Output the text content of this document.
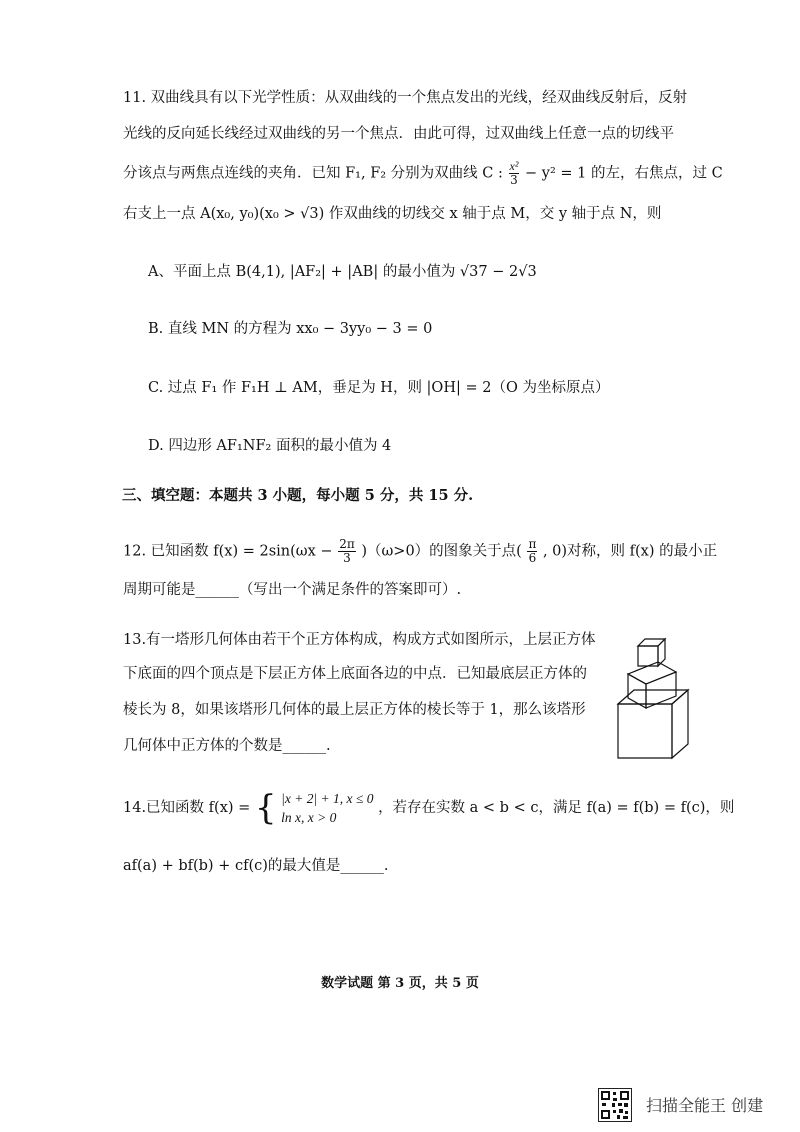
11. 双曲线具有以下光学性质：从双曲线的一个焦点发出的光线，经双曲线反射后，反射
光线的反向延长线经过双曲线的另一个焦点．由此可得，过双曲线上任意一点的切线平
分该点与两焦点连线的夹角．已知 F₁, F₂ 分别为双曲线 C : $\frac{\text{x²}}{3} - y^2 = 1$ 的左，右焦点，过 C
右支上一点 A(x₀, y₀)(x₀ > √3) 作双曲线的切线交 x 轴于点 M，交 y 轴于点 N，则
A、平面上点 B(4,1), |AF₂| + |AB| 的最小值为 √37 − 2√3
B. 直线 MN 的方程为 xx₀ − 3yy₀ − 3 = 0
C. 过点 F₁ 作 F₁H ⊥ AM，垂足为 H，则 |OH| = 2（O 为坐标原点）
D. 四边形 AF₁NF₂ 面积的最小值为 4
三、填空题：本题共 3 小题，每小题 5 分，共 15 分.
12. 已知函数 $f(x) = 2\sin(\omega x - \frac{2\pi}{3} )(\omega>0)$的图象关于点( $\frac{\pi}{6}$ , 0)对称，则 f(x) 的最小正
周期可能是______（写出一个满足条件的答案即可）.
13.有一塔形几何体由若干个正方体构成，构成方式如图所示，上层正方体
下底面的四个顶点是下层正方体上底面各边的中点．已知最底层正方体的
棱长为 8，如果该塔形几何体的最上层正方体的棱长等于 1，那么该塔形
几何体中正方体的个数是______.
14.已知函数 f(x) = { |x + 2| + 1, x ≤ 0
ln x, x > 0
，若存在实数 a < b < c，满足 f(a) = f(b) = f(c)，则
af(a) + bf(b) + cf(c)的最大值是______.
数学试题 第 3 页，共 5 页
扫描全能王 创建
